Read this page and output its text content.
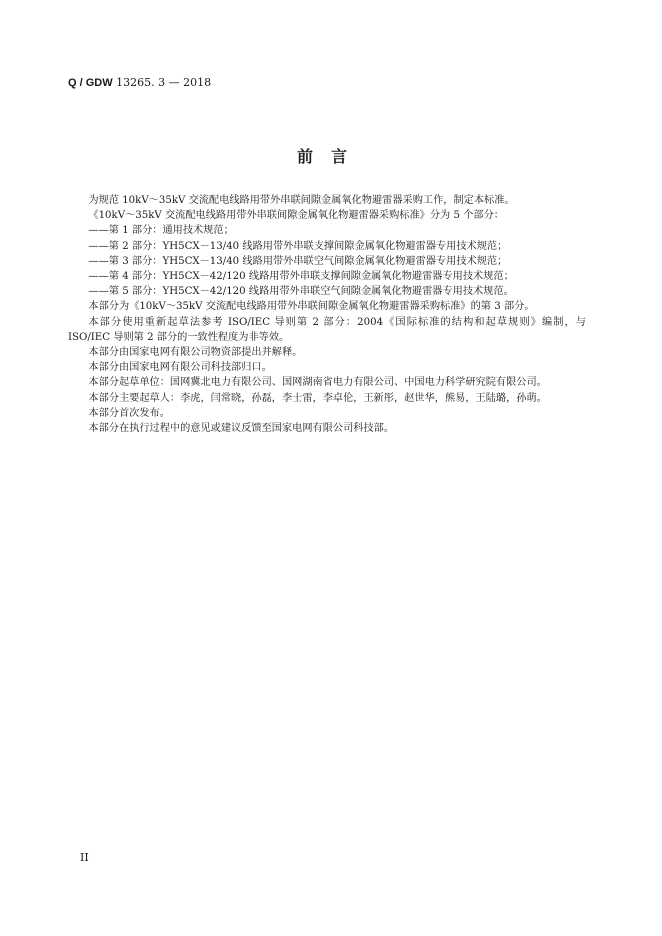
Q / GDW 13265. 3 — 2018
前言

为规范 10kV～35kV 交流配电线路用带外串联间隙金属氧化物避雷器采购工作，制定本标准。

《10kV～35kV 交流配电线路用带外串联间隙金属氧化物避雷器采购标准》分为 5 个部分：

——第 1 部分：通用技术规范；

——第 2 部分：YH5CX－13/40 线路用带外串联支撑间隙金属氧化物避雷器专用技术规范；

——第 3 部分：YH5CX－13/40 线路用带外串联空气间隙金属氧化物避雷器专用技术规范；

——第 4 部分：YH5CX－42/120 线路用带外串联支撑间隙金属氧化物避雷器专用技术规范；

——第 5 部分：YH5CX－42/120 线路用带外串联空气间隙金属氧化物避雷器专用技术规范。

本部分为《10kV～35kV 交流配电线路用带外串联间隙金属氧化物避雷器采购标准》的第 3 部分。

本部分使用重新起草法参考 ISO/IEC 导则第 2 部分：2004《国际标准的结构和起草规则》编制，与 ISO/IEC 导则第 2 部分的一致性程度为非等效。

本部分由国家电网有限公司物资部提出并解释。

本部分由国家电网有限公司科技部归口。

本部分起草单位：国网冀北电力有限公司、国网湖南省电力有限公司、中国电力科学研究院有限公司。

本部分主要起草人：李虎，闫常晓，孙磊，李士雷，李卓伦，王新彤，赵世华，熊易，王陆璐，孙萌。

本部分首次发布。

本部分在执行过程中的意见或建议反馈至国家电网有限公司科技部。

II
